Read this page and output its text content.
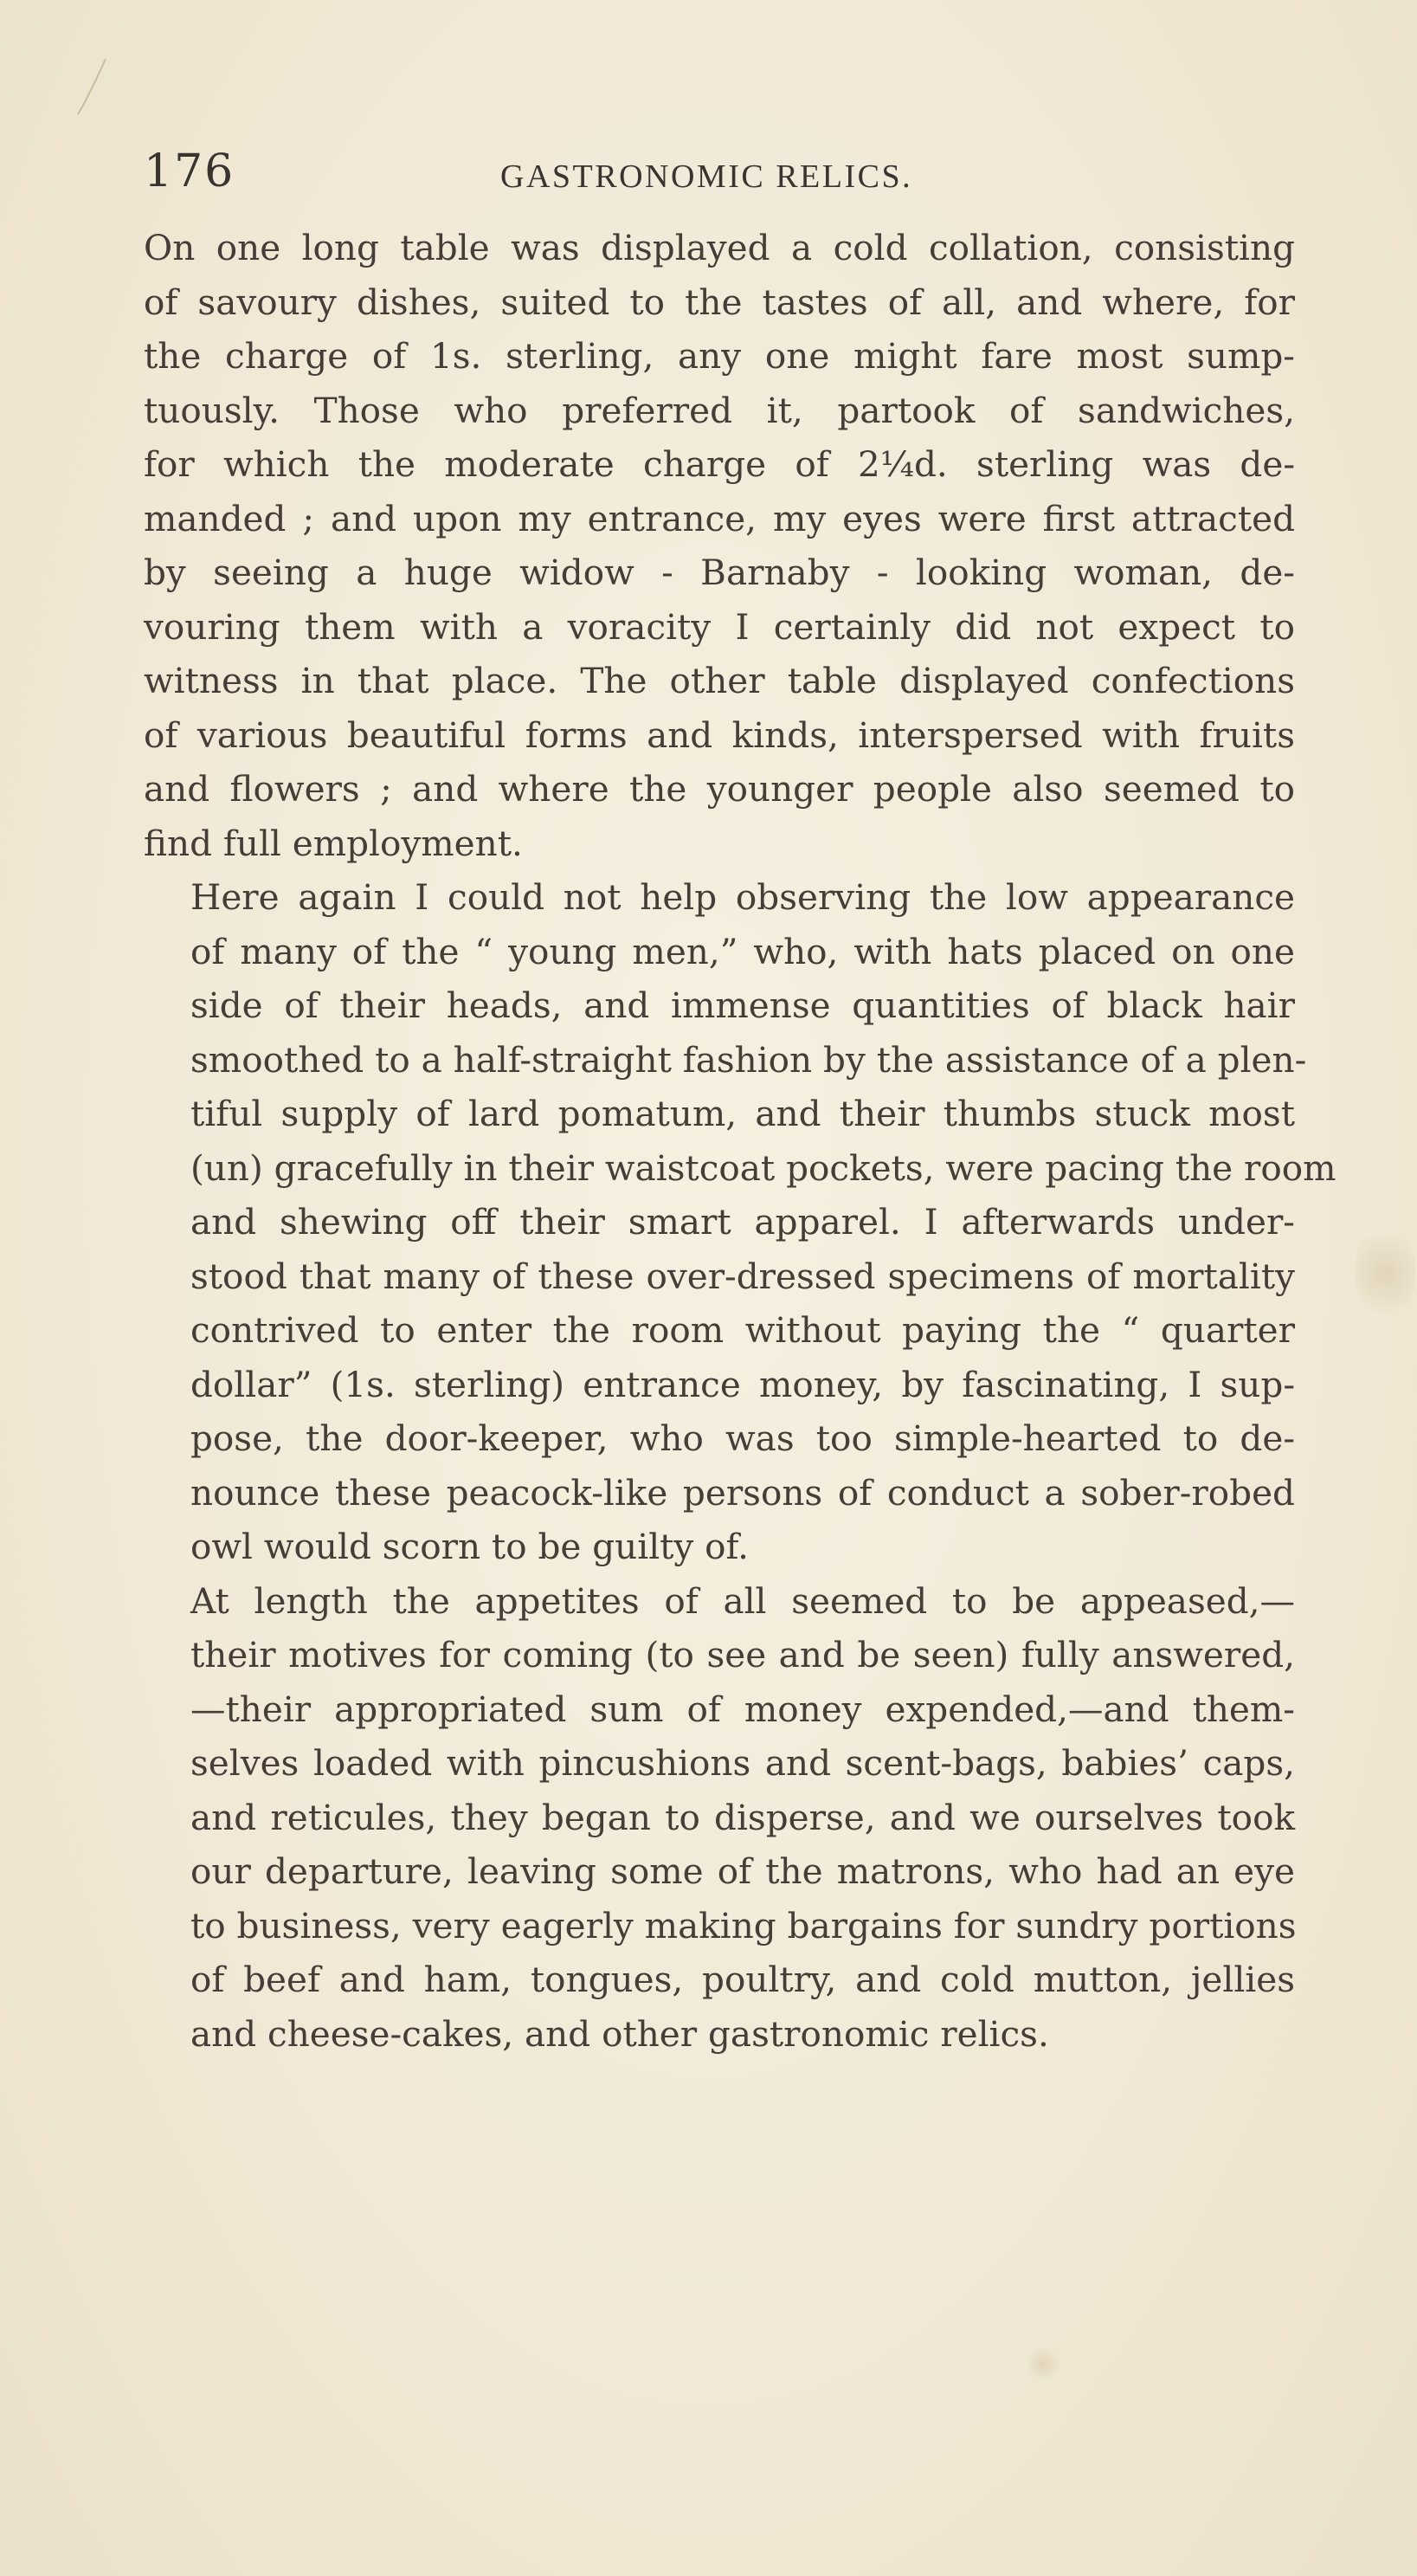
176	GASTRONOMIC RELICS.

On one long table was displayed a cold collation, consisting
of savoury dishes, suited to the tastes of all, and where, for
the charge of 1s. sterling, any one might fare most sump-
tuously. Those who preferred it, partook of sandwiches,
for which the moderate charge of 2¼d. sterling was de-
manded ; and upon my entrance, my eyes were first attracted
by seeing a huge widow - Barnaby - looking woman, de-
vouring them with a voracity I certainly did not expect to
witness in that place. The other table displayed confections
of various beautiful forms and kinds, interspersed with fruits
and flowers ; and where the younger people also seemed to
find full employment.

Here again I could not help observing the low appearance
of many of the “ young men,” who, with hats placed on one
side of their heads, and immense quantities of black hair
smoothed to a half-straight fashion by the assistance of a plen-
tiful supply of lard pomatum, and their thumbs stuck most
(un) gracefully in their waistcoat pockets, were pacing the room
and shewing off their smart apparel. I afterwards under-
stood that many of these over-dressed specimens of mortality
contrived to enter the room without paying the “ quarter
dollar” (1s. sterling) entrance money, by fascinating, I sup-
pose, the door-keeper, who was too simple-hearted to de-
nounce these peacock-like persons of conduct a sober-robed
owl would scorn to be guilty of.

At length the appetites of all seemed to be appeased,—
their motives for coming (to see and be seen) fully answered,
—their appropriated sum of money expended,—and them-
selves loaded with pincushions and scent-bags, babies’ caps,
and reticules, they began to disperse, and we ourselves took
our departure, leaving some of the matrons, who had an eye
to business, very eagerly making bargains for sundry portions
of beef and ham, tongues, poultry, and cold mutton, jellies
and cheese-cakes, and other gastronomic relics.
